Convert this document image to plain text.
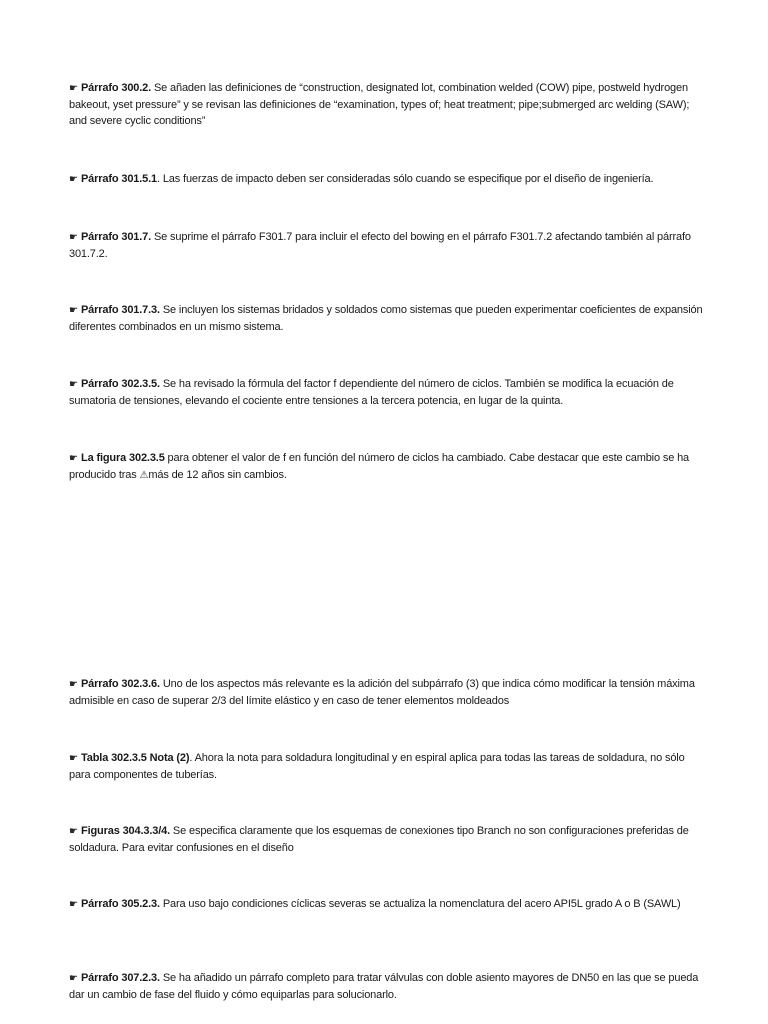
☛ Párrafo 300.2. Se añaden las definiciones de “construction, designated lot, combination welded (COW) pipe, postweld hydrogen bakeout, yset pressure” y se revisan las definiciones de “examination, types of; heat treatment; pipe;submerged arc welding (SAW); and severe cyclic conditions”

☛ Párrafo 301.5.1. Las fuerzas de impacto deben ser consideradas sólo cuando se especifique por el diseño de ingeniería.

☛ Párrafo 301.7. Se suprime el párrafo F301.7 para incluir el efecto del bowing en el párrafo F301.7.2 afectando también al párrafo 301.7.2.

☛ Párrafo 301.7.3. Se incluyen los sistemas bridados y soldados como sistemas que pueden experimentar coeficientes de expansión diferentes combinados en un mismo sistema.

☛ Párrafo 302.3.5. Se ha revisado la fórmula del factor f dependiente del número de ciclos. También se modifica la ecuación de sumatoria de tensiones, elevando el cociente entre tensiones a la tercera potencia, en lugar de la quinta.

☛ La figura 302.3.5 para obtener el valor de f en función del número de ciclos ha cambiado. Cabe destacar que este cambio se ha producido tras ⚠más de 12 años sin cambios.

☛ Párrafo 302.3.6. Uno de los aspectos más relevante es la adición del subpárrafo (3) que indica cómo modificar la tensión máxima admisible en caso de superar 2/3 del límite elástico y en caso de tener elementos moldeados

☛ Tabla 302.3.5 Nota (2). Ahora la nota para soldadura longitudinal y en espiral aplica para todas las tareas de soldadura, no sólo para componentes de tuberías.

☛ Figuras 304.3.3/4. Se especifica claramente que los esquemas de conexiones tipo Branch no son configuraciones preferidas de soldadura. Para evitar confusiones en el diseño

☛ Párrafo 305.2.3. Para uso bajo condiciones cíclicas severas se actualiza la nomenclatura del acero API5L grado A o B (SAWL)

☛ Párrafo 307.2.3. Se ha añadido un párrafo completo para tratar válvulas con doble asiento mayores de DN50 en las que se pueda dar un cambio de fase del fluido y cómo equiparlas para solucionarlo.
